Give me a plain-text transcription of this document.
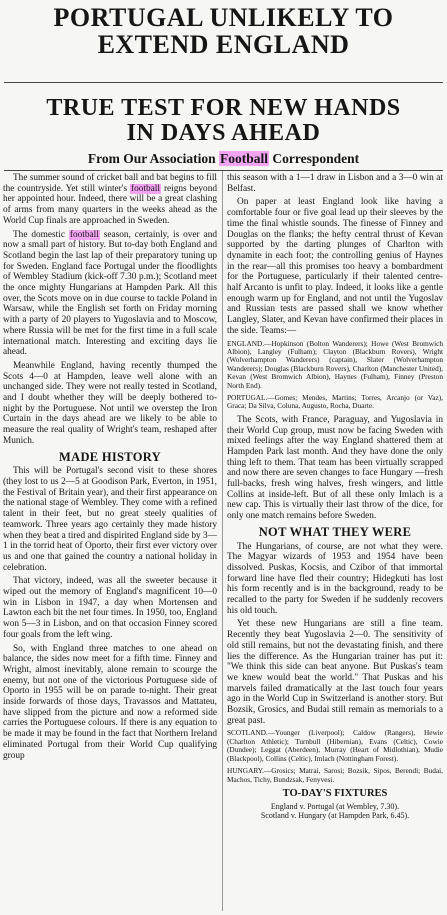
PORTUGAL UNLIKELY TO
EXTEND ENGLAND
TRUE TEST FOR NEW HANDS
IN DAYS AHEAD
From Our Association Football Correspondent

The summer sound of cricket ball and bat begins to fill the countryside. Yet still winter's football reigns beyond her appointed hour. Indeed, there will be a great clashing of arms from many quarters in the weeks ahead as the World Cup finals are approached in Sweden.

The domestic football season, certainly, is over and now a small part of history. But to-day both England and Scotland begin the last lap of their preparatory tuning up for Sweden. England face Portugal under the floodlights of Wembley Stadium (kick-off 7.30 p.m.); Scotland meet the once mighty Hungarians at Hampden Park. All this over, the Scots move on in due course to tackle Poland in Warsaw, while the English set forth on Friday morning with a party of 20 players to Yugoslavia and to Moscow, where Russia will be met for the first time in a full scale international match. Interesting and exciting days lie ahead.

Meanwhile England, having recently thumped the Scots 4—0 at Hampden, leave well alone with an unchanged side. They were not really tested in Scotland, and I doubt whether they will be deeply bothered to-night by the Portuguese. Not until we overstep the Iron Curtain in the days ahead are we likely to be able to measure the real quality of Wright's team, reshaped after Munich.

MADE HISTORY

This will be Portugal's second visit to these shores (they lost to us 2—5 at Goodison Park, Everton, in 1951, the Festival of Britain year), and their first appearance on the national stage of Wembley. They come with a refined talent in their feet, but no great steely qualities of teamwork. Three years ago certainly they made history when they beat a tired and dispirited England side by 3—1 in the torrid heat of Oporto, their first ever victory over us and one that gained the country a national holiday in celebration.

That victory, indeed, was all the sweeter because it wiped out the memory of England's magnificent 10—0 win in Lisbon in 1947, a day when Mortensen and Lawton each bit the net four times. In 1950, too, England won 5—3 in Lisbon, and on that occasion Finney scored four goals from the left wing.

So, with England three matches to one ahead on balance, the sides now meet for a fifth time. Finney and Wright, almost inevitably, alone remain to scourge the enemy, but not one of the victorious Portuguese side of Oporto in 1955 will be on parade to-night. Their great inside forwards of those days, Travassos and Mattateu, have slipped from the picture and now a reformed side carries the Portuguese colours. If there is any equation to be made it may be found in the fact that Northern Ireland eliminated Portugal from their World Cup qualifying group

this season with a 1—1 draw in Lisbon and a 3—0 win at Belfast.

On paper at least England look like having a comfortable four or five goal lead up their sleeves by the time the final whistle sounds. The finesse of Finney and Douglas on the flanks; the hefty central thrust of Kevan supported by the darting plunges of Charlton with dynamite in each foot; the controlling genius of Haynes in the rear—all this promises too heavy a bombardment for the Portuguese, particularly if their talented centre-half Arcanto is unfit to play. Indeed, it looks like a gentle enough warm up for England, and not until the Yugoslav and Russian tests are passed shall we know whether Langley, Slater, and Kevan have confirmed their places in the side. Teams:—

ENGLAND.—Hopkinson (Bolton Wanderers); Howe (West Bromwich Albion), Langley (Fulham); Clayton (Blackburn Rovers), Wright (Wolverhampton Wanderers) (captain), Slater (Wolverhampton Wanderers); Douglas (Blackburn Rovers), Charlton (Manchester United), Kevan (West Bromwich Albion), Haynes (Fulham), Finney (Preston North End).

PORTUGAL.—Gomes; Mendes, Martins; Torres, Arcanjo (or Vaz), Graca; Da Silva, Coluna, Augusto, Rocha, Duarte.

The Scots, with France, Paraguay, and Yugoslavia in their World Cup group, must now be facing Sweden with mixed feelings after the way England shattered them at Hampden Park last month. And they have done the only thing left to them. That team has been virtually scrapped and now there are seven changes to face Hungary —fresh full-backs, fresh wing halves, fresh wingers, and little Collins at inside-left. But of all these only Imlach is a new cap. This is virtually their last throw of the dice, for only one match remains before Sweden.

NOT WHAT THEY WERE

The Hungarians, of course, are not what they were. The Magyar wizards of 1953 and 1954 have been dissolved. Puskas, Kocsis, and Czibor of that immortal forward line have fled their country; Hidegkuti has lost his form recently and is in the background, ready to be recalled to the party for Sweden if he suddenly recovers his old touch.

Yet these new Hungarians are still a fine team. Recently they beat Yugoslavia 2—0. The sensitivity of old still remains, but not the devastating finish, and there lies the difference. As the Hungarian trainer has put it: "We think this side can beat anyone. But Puskas's team we knew would beat the world." That Puskas and his marvels failed dramatically at the last touch four years ago in the World Cup in Switzerland is another story. But Bozsik, Grosics, and Budai still remain as memorials to a great past.

SCOTLAND.—Younger (Liverpool); Caldow (Rangers), Hewie (Charlton Athletic); Turnbull (Hibernian), Evans (Celtic), Cowie (Dundee); Leggat (Aberdeen), Murray (Heart of Midlothian), Mudie (Blackpool), Collins (Celtic), Imlach (Nottingham Forest).

HUNGARY.—Grosics; Matrai, Sarosi; Bozsik, Sipos, Berendi; Budai, Machos, Tichy, Bundzsak, Fenyvesi.

TO-DAY'S FIXTURES
England v. Portugal (at Wembley, 7.30).
Scotland v. Hungary (at Hampden Park, 6.45).
